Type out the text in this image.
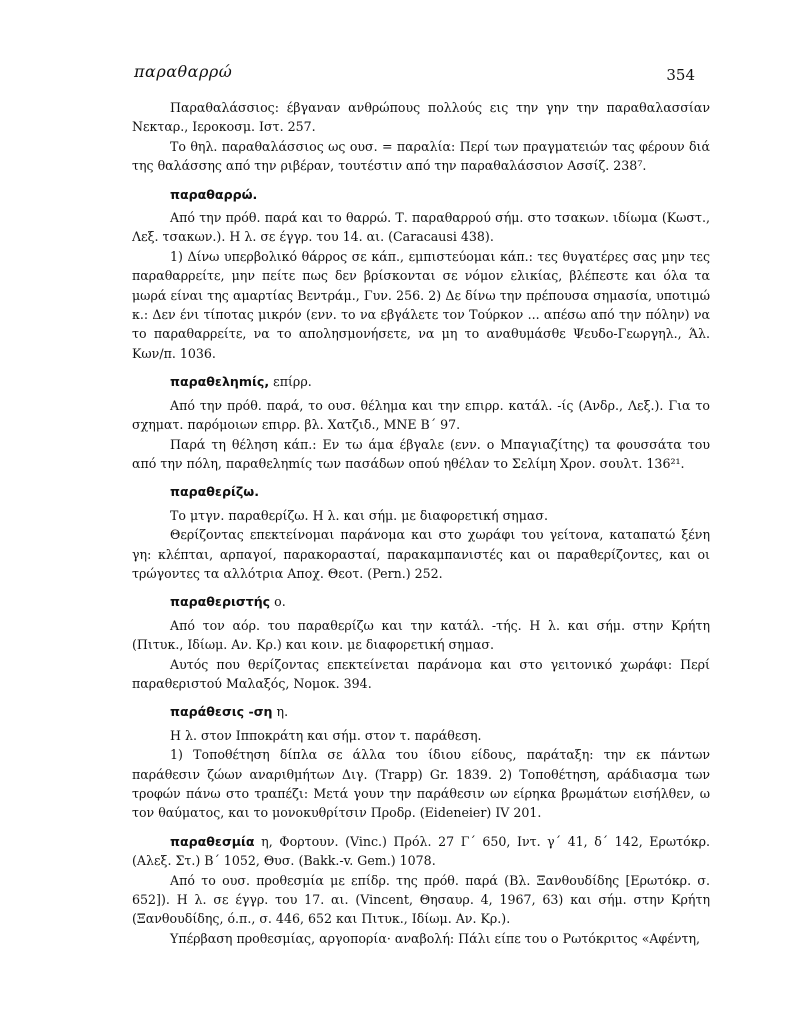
παραθαρρώ	354

Παραθαλάσσιος: έβγαναν ανθρώπους πολλούς εις την γην την παραθαλασσίαν Νεκταρ., Ιεροκοσμ. Ιστ. 257.

Το θηλ. παραθαλάσσιος ως ουσ. = παραλία: Περί των πραγματειών τας φέρουν διά της θαλάσσης από την ριβέραν, τουτέστιν από την παραθαλάσσιον Ασσίζ. 238⁷.

παραθαρρώ.

Από την πρόθ. παρά και το θαρρώ. Τ. παραθαρρού σήμ. στο τσακων. ιδίωμα (Κωστ., Λεξ. τσακων.). Η λ. σε έγγρ. του 14. αι. (Caracausi 438).

1) Δίνω υπερβολικό θάρρος σε κάπ., εμπιστεύομαι κάπ.: τες θυγατέρες σας μην τες παραθαρρείτε, μην πείτε πως δεν βρίσκονται σε νόμον ελικίας, βλέπεστε και όλα τα μωρά είναι της αμαρτίας Βεντράμ., Γυν. 256. 2) Δε δίνω την πρέπουσα σημασία, υποτιμώ κ.: Δεν ένι τίποτας μικρόν (ενν. το να εβγάλετε τον Τούρκον ... απέσω από την πόλην) να το παραθαρρείτε, να το απολησμονήσετε, να μη το αναθυμάσθε Ψευδο-Γεωργηλ., Άλ. Κων/π. 1036.

παραθεληmίς, επίρρ.

Από την πρόθ. παρά, το ουσ. θέλημα και την επιρρ. κατάλ. -ίς (Ανδρ., Λεξ.). Για το σχηματ. παρόμοιων επιρρ. βλ. Χατζιδ., ΜΝΕ Β΄ 97.

Παρά τη θέληση κάπ.: Εν τω άμα έβγαλε (ενν. ο Μπαγιαζίτης) τα φουσσάτα του από την πόλη, παραθεληmίς των πασάδων οπού ηθέλαν το Σελίμη Χρον. σουλτ. 136²¹.

παραθερίζω.

Το μτγν. παραθερίζω. Η λ. και σήμ. με διαφορετική σημασ.

Θερίζοντας επεκτείνομαι παράνομα και στο χωράφι του γείτονα, καταπατώ ξένη γη: κλέπται, αρπαγοί, παρακορασταί, παρακαμπανιστές και οι παραθερίζοντες, και οι τρώγοντες τα αλλότρια Αποχ. Θεοτ. (Pern.) 252.

παραθεριστής ο.

Από τον αόρ. του παραθερίζω και την κατάλ. -τής. Η λ. και σήμ. στην Κρήτη (Πιτυκ., Ιδίωμ. Αν. Κρ.) και κοιν. με διαφορετική σημασ.

Αυτός που θερίζοντας επεκτείνεται παράνομα και στο γειτονικό χωράφι: Περί παραθεριστού Μαλαξός, Νομοκ. 394.

παράθεσις -ση η.

Η λ. στον Ιπποκράτη και σήμ. στον τ. παράθεση.

1) Τοποθέτηση δίπλα σε άλλα του ίδιου είδους, παράταξη: την εκ πάντων παράθεσιν ζώων αναριθμήτων Διγ. (Trapp) Gr. 1839. 2) Τοποθέτηση, αράδιασμα των τροφών πάνω στο τραπέζι: Μετά γουν την παράθεσιν ων είρηκα βρωμάτων εισήλθεν, ω τον θαύματος, και το μονοκυθρίτσιν Προδρ. (Eideneier) IV 201.

παραθεσμία η, Φορτουν. (Vinc.) Πρόλ. 27 Γ΄ 650, Ιντ. γ΄ 41, δ΄ 142, Ερωτόκρ. (Αλεξ. Στ.) Β΄ 1052, Θυσ. (Bakk.-v. Gem.) 1078.

Από το ουσ. προθεσμία με επίδρ. της πρόθ. παρά (Βλ. Ξανθουδίδης [Ερωτόκρ. σ. 652]). Η λ. σε έγγρ. του 17. αι. (Vincent, Θησαυρ. 4, 1967, 63) και σήμ. στην Κρήτη (Ξανθουδίδης, ό.π., σ. 446, 652 και Πιτυκ., Ιδίωμ. Αν. Κρ.).

Υπέρβαση προθεσμίας, αργοπορία· αναβολή: Πάλι είπε του ο Ρωτόκριτος «Αφέντη,
